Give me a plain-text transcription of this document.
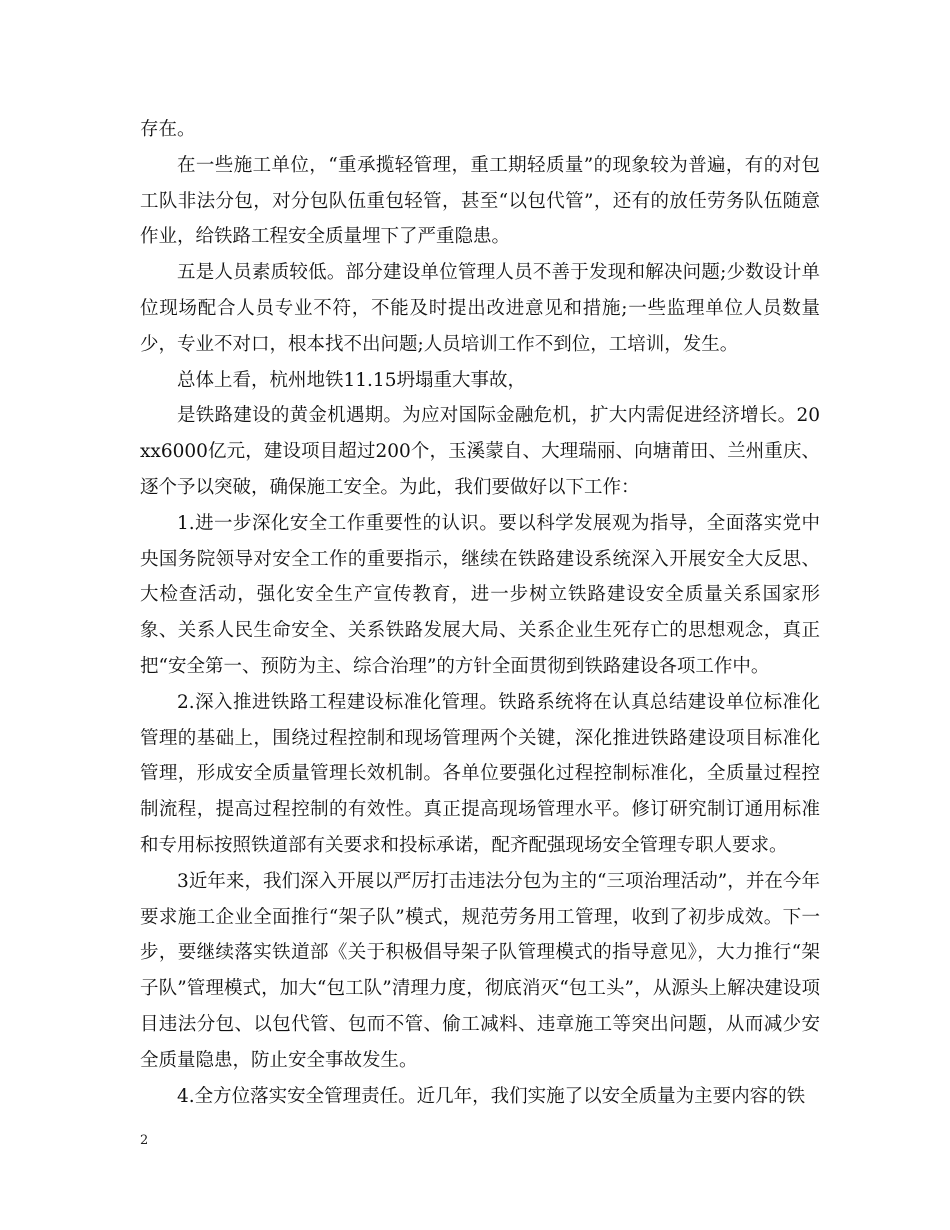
存在。

在一些施工单位，“重承揽轻管理，重工期轻质量”的现象较为普遍，有的对包工队非法分包，对分包队伍重包轻管，甚至“以包代管”，还有的放任劳务队伍随意作业，给铁路工程安全质量埋下了严重隐患。

五是人员素质较低。部分建设单位管理人员不善于发现和解决问题;少数设计单位现场配合人员专业不符，不能及时提出改进意见和措施;一些监理单位人员数量少，专业不对口，根本找不出问题;人员培训工作不到位，工培训，发生。

总体上看，杭州地铁11.15坍塌重大事故，

是铁路建设的黄金机遇期。为应对国际金融危机，扩大内需促进经济增长。20xx6000亿元，建设项目超过200个，玉溪蒙自、大理瑞丽、向塘莆田、兰州重庆、逐个予以突破，确保施工安全。为此，我们要做好以下工作：

1.进一步深化安全工作重要性的认识。要以科学发展观为指导，全面落实党中央国务院领导对安全工作的重要指示，继续在铁路建设系统深入开展安全大反思、大检查活动，强化安全生产宣传教育，进一步树立铁路建设安全质量关系国家形象、关系人民生命安全、关系铁路发展大局、关系企业生死存亡的思想观念，真正把“安全第一、预防为主、综合治理”的方针全面贯彻到铁路建设各项工作中。

2.深入推进铁路工程建设标准化管理。铁路系统将在认真总结建设单位标准化管理的基础上，围绕过程控制和现场管理两个关键，深化推进铁路建设项目标准化管理，形成安全质量管理长效机制。各单位要强化过程控制标准化，全质量过程控制流程，提高过程控制的有效性。真正提高现场管理水平。修订研究制订通用标准和专用标按照铁道部有关要求和投标承诺，配齐配强现场安全管理专职人要求。

3近年来，我们深入开展以严厉打击违法分包为主的“三项治理活动”，并在今年要求施工企业全面推行“架子队”模式，规范劳务用工管理，收到了初步成效。下一步，要继续落实铁道部《关于积极倡导架子队管理模式的指导意见》，大力推行“架子队”管理模式，加大“包工队”清理力度，彻底消灭“包工头”，从源头上解决建设项目违法分包、以包代管、包而不管、偷工减料、违章施工等突出问题，从而减少安全质量隐患，防止安全事故发生。

4.全方位落实安全管理责任。近几年，我们实施了以安全质量为主要内容的铁

2
